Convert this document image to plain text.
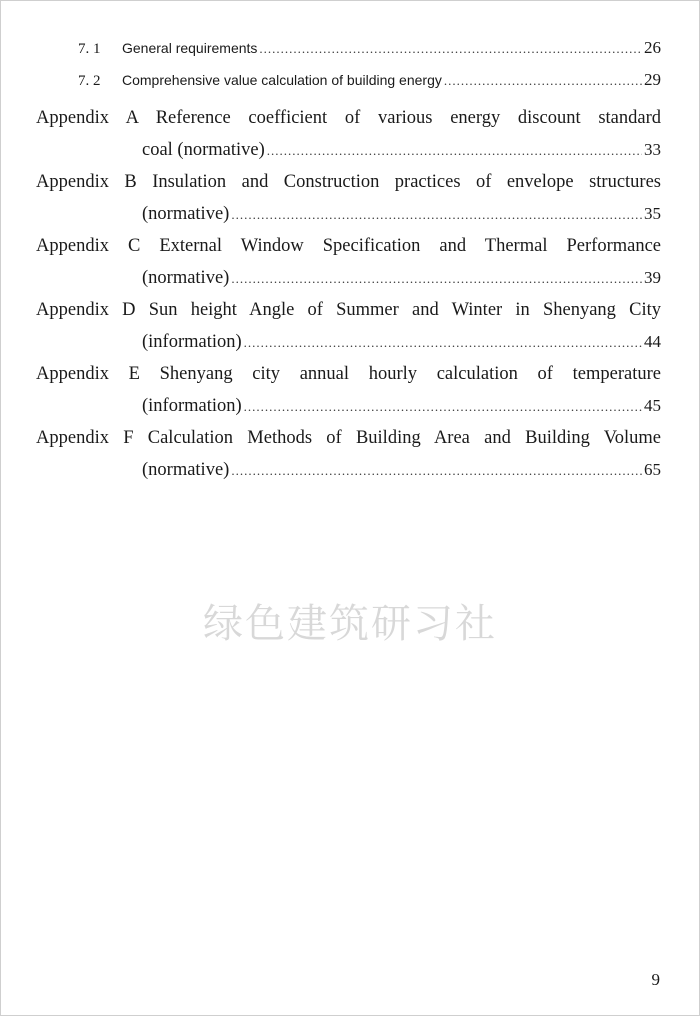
7. 1	General requirements .....	26
7. 2	Comprehensive value calculation of building energy .....	29
Appendix A Reference coefficient of various energy discount standard
coal (normative) .....	33
Appendix B Insulation and Construction practices of envelope structures
(normative) .....	35
Appendix C External Window Specification and Thermal Performance
(normative) .....	39
Appendix D Sun height Angle of Summer and Winter in Shenyang City
(information) .....	44
Appendix E Shenyang city annual hourly calculation of temperature
(information) .....	45
Appendix F Calculation Methods of Building Area and Building Volume
(normative) .....	65
绿色建筑研习社
9
